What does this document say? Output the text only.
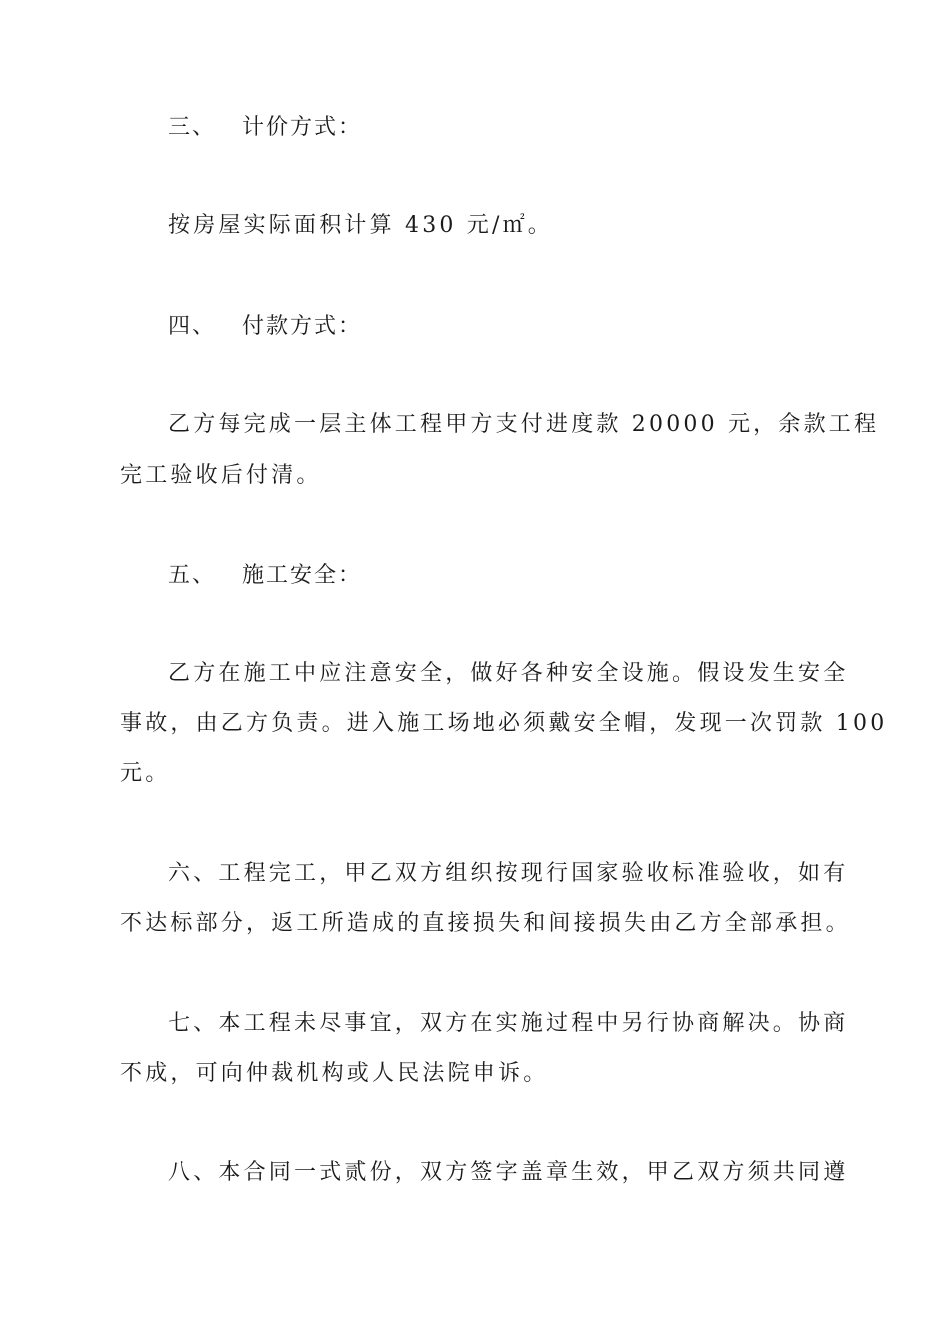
三、 计价方式：
按房屋实际面积计算 430 元/㎡。
四、 付款方式：
乙方每完成一层主体工程甲方支付进度款 20000 元，余款工程
完工验收后付清。
五、 施工安全：
乙方在施工中应注意安全，做好各种安全设施。假设发生安全
事故，由乙方负责。进入施工场地必须戴安全帽，发现一次罚款 100
元。
六、工程完工，甲乙双方组织按现行国家验收标准验收，如有
不达标部分，返工所造成的直接损失和间接损失由乙方全部承担。
七、本工程未尽事宜，双方在实施过程中另行协商解决。协商
不成，可向仲裁机构或人民法院申诉。
八、本合同一式贰份，双方签字盖章生效，甲乙双方须共同遵
